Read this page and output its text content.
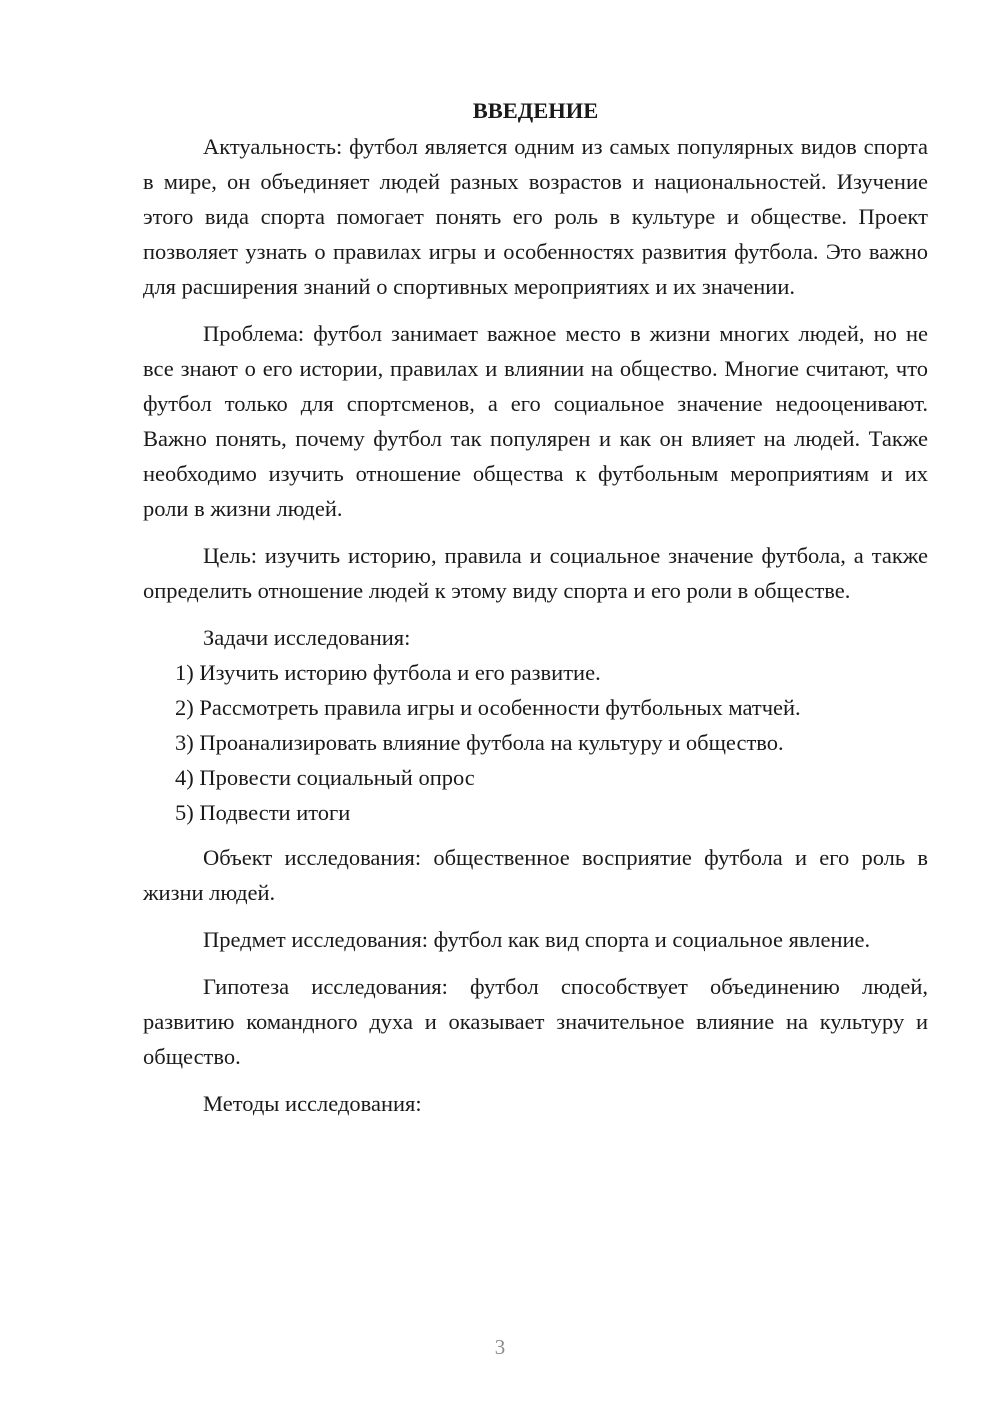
ВВЕДЕНИЕ

Актуальность: футбол является одним из самых популярных видов спорта в мире, он объединяет людей разных возрастов и национальностей. Изучение этого вида спорта помогает понять его роль в культуре и обществе. Проект позволяет узнать о правилах игры и особенностях развития футбола. Это важно для расширения знаний о спортивных мероприятиях и их значении.

Проблема: футбол занимает важное место в жизни многих людей, но не все знают о его истории, правилах и влиянии на общество. Многие считают, что футбол только для спортсменов, а его социальное значение недооценивают. Важно понять, почему футбол так популярен и как он влияет на людей. Также необходимо изучить отношение общества к футбольным мероприятиям и их роли в жизни людей.

Цель: изучить историю, правила и социальное значение футбола, а также определить отношение людей к этому виду спорта и его роли в обществе.

Задачи исследования:

1) Изучить историю футбола и его развитие.

2) Рассмотреть правила игры и особенности футбольных матчей.

3) Проанализировать влияние футбола на культуру и общество.

4) Провести социальный опрос

5) Подвести итоги

Объект исследования: общественное восприятие футбола и его роль в жизни людей.

Предмет исследования: футбол как вид спорта и социальное явление.

Гипотеза исследования: футбол способствует объединению людей, развитию командного духа и оказывает значительное влияние на культуру и общество.

Методы исследования:

3
